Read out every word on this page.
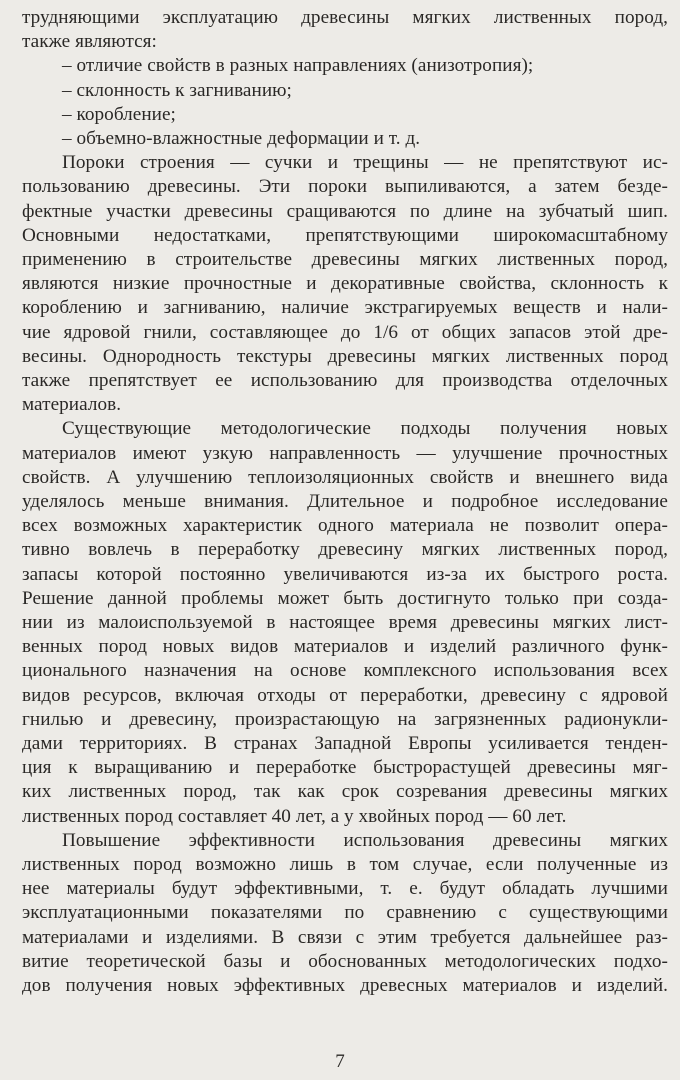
трудняющими эксплуатацию древесины мягких лиственных пород,
также являются:
– отличие свойств в разных направлениях (анизотропия);
– склонность к загниванию;
– коробление;
– объемно-влажностные деформации и т. д.
Пороки строения — сучки и трещины — не препятствуют ис-
пользованию древесины. Эти пороки выпиливаются, а затем безде-
фектные участки древесины сращиваются по длине на зубчатый шип.
Основными недостатками, препятствующими широкомасштабному
применению в строительстве древесины мягких лиственных пород,
являются низкие прочностные и декоративные свойства, склонность к
короблению и загниванию, наличие экстрагируемых веществ и нали-
чие ядровой гнили, составляющее до 1/6 от общих запасов этой дре-
весины. Однородность текстуры древесины мягких лиственных пород
также препятствует ее использованию для производства отделочных
материалов.
Существующие методологические подходы получения новых
материалов имеют узкую направленность — улучшение прочностных
свойств. А улучшению теплоизоляционных свойств и внешнего вида
уделялось меньше внимания. Длительное и подробное исследование
всех возможных характеристик одного материала не позволит опера-
тивно вовлечь в переработку древесину мягких лиственных пород,
запасы которой постоянно увеличиваются из-за их быстрого роста.
Решение данной проблемы может быть достигнуто только при созда-
нии из малоиспользуемой в настоящее время древесины мягких лист-
венных пород новых видов материалов и изделий различного функ-
ционального назначения на основе комплексного использования всех
видов ресурсов, включая отходы от переработки, древесину с ядровой
гнилью и древесину, произрастающую на загрязненных радионукли-
дами территориях. В странах Западной Европы усиливается тенден-
ция к выращиванию и переработке быстрорастущей древесины мяг-
ких лиственных пород, так как срок созревания древесины мягких
лиственных пород составляет 40 лет, а у хвойных пород — 60 лет.
Повышение эффективности использования древесины мягких
лиственных пород возможно лишь в том случае, если полученные из
нее материалы будут эффективными, т. е. будут обладать лучшими
эксплуатационными показателями по сравнению с существующими
материалами и изделиями. В связи с этим требуется дальнейшее раз-
витие теоретической базы и обоснованных методологических подхо-
дов получения новых эффективных древесных материалов и изделий.
7
